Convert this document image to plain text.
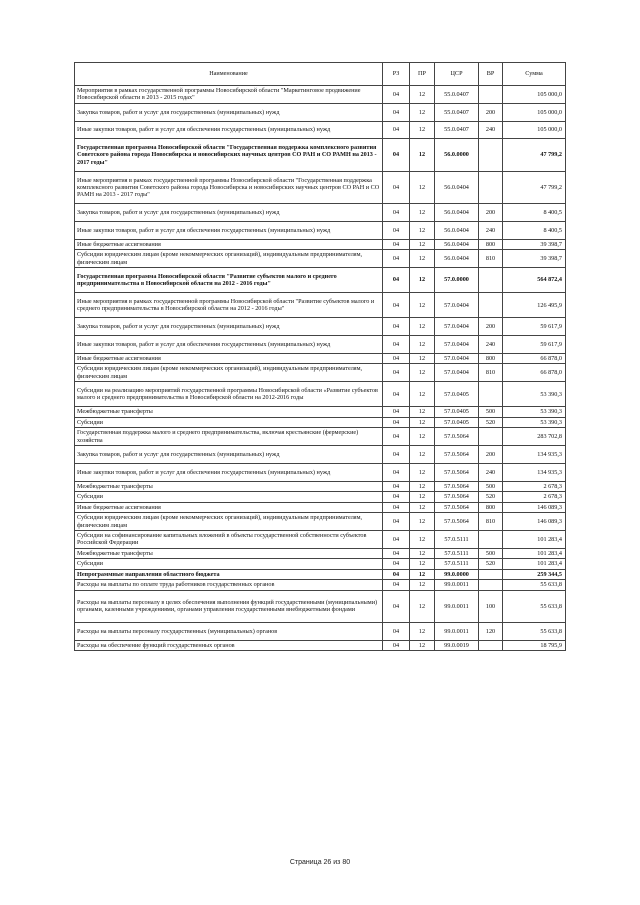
Наименование	РЗ	ПР	ЦСР	ВР	Сумма
Мероприятия в рамках государственной программы Новосибирской области "Маркетинговое продвижение Новосибирской области в 2013 - 2015 годах"	04	12	55.0.0407		105 000,0
Закупка товаров, работ и услуг для государственных (муниципальных) нужд	04	12	55.0.0407	200	105 000,0
Иные закупки товаров, работ и услуг для обеспечения государственных (муниципальных) нужд	04	12	55.0.0407	240	105 000,0
Государственная программа Новосибирской области "Государственная поддержка комплексного развития Советского района города Новосибирска и новосибирских научных центров СО РАН и СО РАМН на 2013 - 2017 годы"	04	12	56.0.0000		47 799,2
Иные мероприятия в рамках государственной программы Новосибирской области "Государственная поддержка комплексного развития Советского района города Новосибирска и новосибирских научных центров СО РАН и СО РАМН на 2013 - 2017 годы"	04	12	56.0.0404		47 799,2
Закупка товаров, работ и услуг для государственных (муниципальных) нужд	04	12	56.0.0404	200	8 400,5
Иные закупки товаров, работ и услуг для обеспечения государственных (муниципальных) нужд	04	12	56.0.0404	240	8 400,5
Иные бюджетные ассигнования	04	12	56.0.0404	800	39 398,7
Субсидии юридическим лицам (кроме некоммерческих организаций), индивидуальным предпринимателям, физическим лицам	04	12	56.0.0404	810	39 398,7
Государственная программа Новосибирской области "Развитие субъектов малого и среднего предпринимательства в Новосибирской области на 2012 - 2016 годы"	04	12	57.0.0000		564 872,4
Иные мероприятия в рамках государственной программы Новосибирской области "Развитие субъектов малого и среднего предпринимательства в Новосибирской области на 2012 - 2016 годы"	04	12	57.0.0404		126 495,9
Закупка товаров, работ и услуг для государственных (муниципальных) нужд	04	12	57.0.0404	200	59 617,9
Иные закупки товаров, работ и услуг для обеспечения государственных (муниципальных) нужд	04	12	57.0.0404	240	59 617,9
Иные бюджетные ассигнования	04	12	57.0.0404	800	66 878,0
Субсидии юридическим лицам (кроме некоммерческих организаций), индивидуальным предпринимателям, физическим лицам	04	12	57.0.0404	810	66 878,0
Субсидии на реализацию мероприятий государственной программы Новосибирской области «Развитие субъектов малого и среднего предпринимательства в Новосибирской области на 2012-2016 годы	04	12	57.0.0405		53 390,3
Межбюджетные трансферты	04	12	57.0.0405	500	53 390,3
Субсидии	04	12	57.0.0405	520	53 390,3
Государственная поддержка малого и среднего предпринимательства, включая крестьянские (фермерские) хозяйства	04	12	57.0.5064		283 702,8
Закупка товаров, работ и услуг для государственных (муниципальных) нужд	04	12	57.0.5064	200	134 935,3
Иные закупки товаров, работ и услуг для обеспечения государственных (муниципальных) нужд	04	12	57.0.5064	240	134 935,3
Межбюджетные трансферты	04	12	57.0.5064	500	2 678,3
Субсидии	04	12	57.0.5064	520	2 678,3
Иные бюджетные ассигнования	04	12	57.0.5064	800	146 089,3
Субсидии юридическим лицам (кроме некоммерческих организаций), индивидуальным предпринимателям, физическим лицам	04	12	57.0.5064	810	146 089,3
Субсидии на софинансирование капитальных вложений в объекты государственной собственности субъектов Российской Федерации	04	12	57.0.5111		101 283,4
Межбюджетные трансферты	04	12	57.0.5111	500	101 283,4
Субсидии	04	12	57.0.5111	520	101 283,4
Непрограммные направления областного бюджета	04	12	99.0.0000		259 344,5
Расходы на выплаты по оплате труда работников государственных органов	04	12	99.0.0011		55 633,8
Расходы на выплаты персоналу в целях обеспечения выполнения функций государственными (муниципальными) органами, казенными учреждениями, органами управления государственными внебюджетными фондами	04	12	99.0.0011	100	55 633,8
Расходы на выплаты персоналу государственных (муниципальных) органов	04	12	99.0.0011	120	55 633,8
Расходы на обеспечение функций государственных органов	04	12	99.0.0019		18 795,9
Страница 26 из 80
